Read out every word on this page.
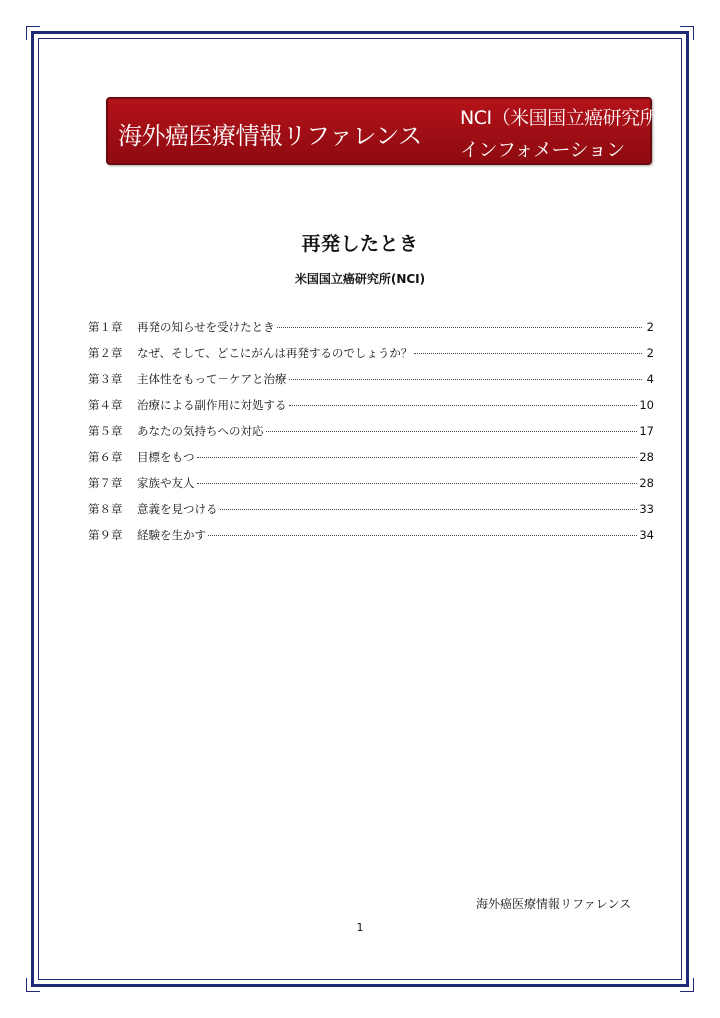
海外癌医療情報リファレンス
NCI（米国国立癌研究所）
インフォメーション
再発したとき
米国国立癌研究所(NCI)
第１章	再発の知らせを受けたとき	2
第２章	なぜ、そして、どこにがんは再発するのでしょうか？	2
第３章	主体性をもって－ケアと治療	4
第４章	治療による副作用に対処する	10
第５章	あなたの気持ちへの対応	17
第６章	目標をもつ	28
第７章	家族や友人	28
第８章	意義を見つける	33
第９章	経験を生かす	34
海外癌医療情報リファレンス
1
